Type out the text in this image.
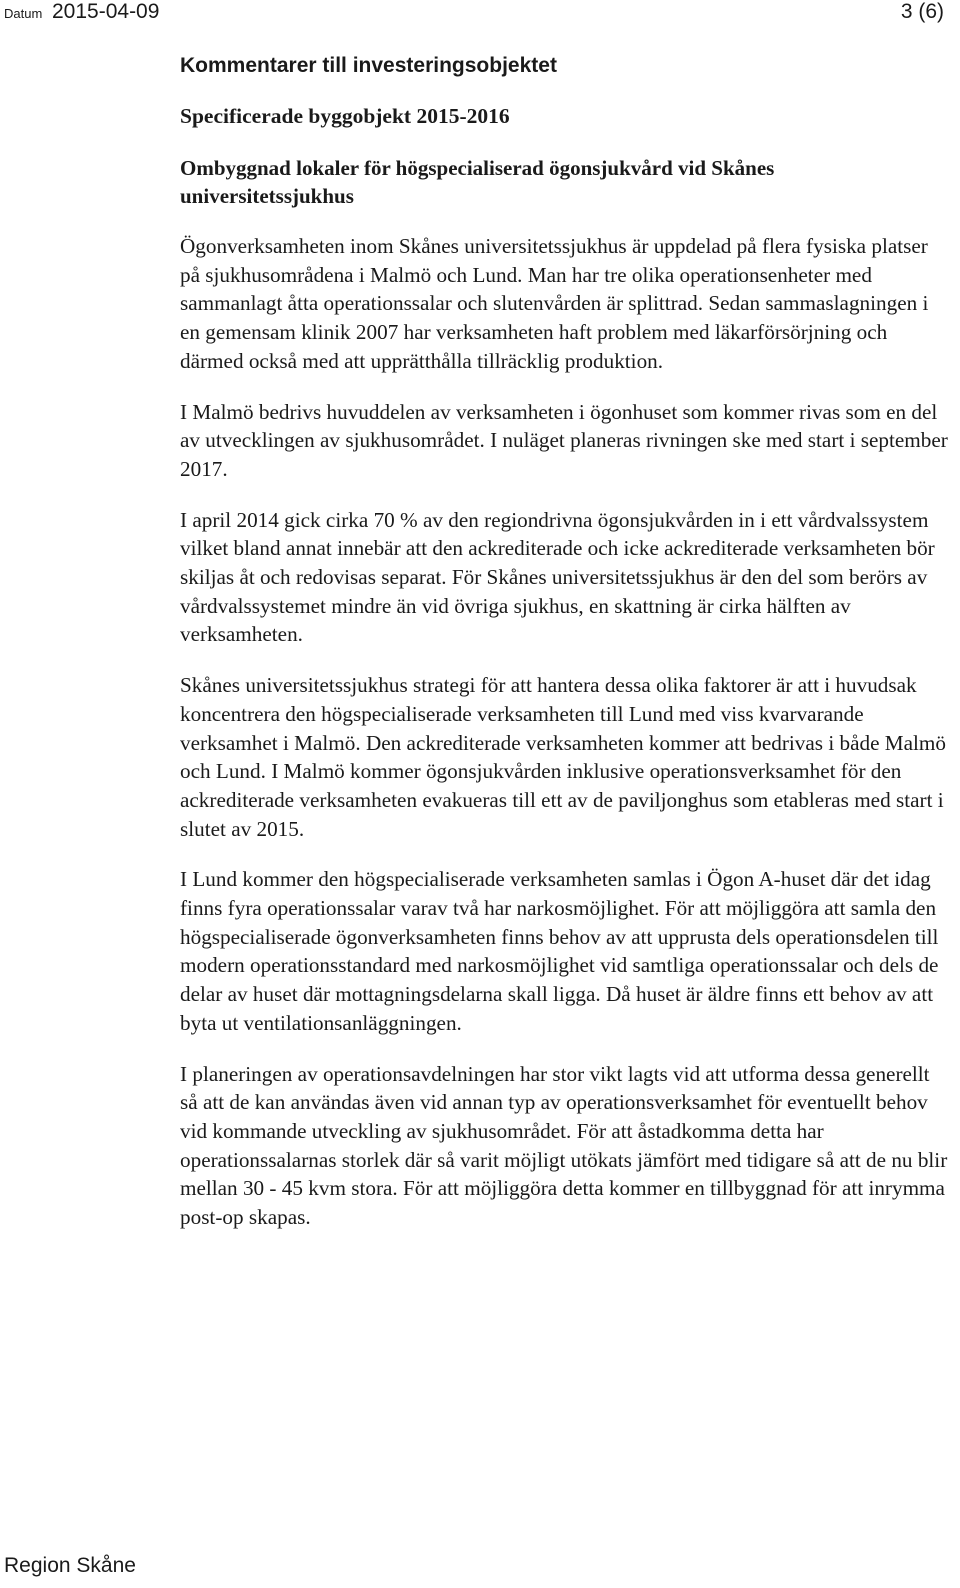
Datum 2015-04-09	3 (6)
Kommentarer till investeringsobjektet
Specificerade byggobjekt 2015-2016
Ombyggnad lokaler för högspecialiserad ögonsjukvård vid Skånes universitetssjukhus

Ögonverksamheten inom Skånes universitetssjukhus är uppdelad på flera fysiska platser på sjukhusområdena i Malmö och Lund. Man har tre olika operationsenheter med sammanlagt åtta operationssalar och slutenvården är splittrad. Sedan sammaslagningen i en gemensam klinik 2007 har verksamheten haft problem med läkarförsörjning och därmed också med att upprätthålla tillräcklig produktion.

I Malmö bedrivs huvuddelen av verksamheten i ögonhuset som kommer rivas som en del av utvecklingen av sjukhusområdet. I nuläget planeras rivningen ske med start i september 2017.

I april 2014 gick cirka 70 % av den regiondrivna ögonsjukvården in i ett vårdvalssystem vilket bland annat innebär att den ackrediterade och icke ackrediterade verksamheten bör skiljas åt och redovisas separat. För Skånes universitetssjukhus är den del som berörs av vårdvalssystemet mindre än vid övriga sjukhus, en skattning är cirka hälften av verksamheten.

Skånes universitetssjukhus strategi för att hantera dessa olika faktorer är att i huvudsak koncentrera den högspecialiserade verksamheten till Lund med viss kvarvarande verksamhet i Malmö. Den ackrediterade verksamheten kommer att bedrivas i både Malmö och Lund. I Malmö kommer ögonsjukvården inklusive operationsverksamhet för den ackrediterade verksamheten evakueras till ett av de paviljonghus som etableras med start i slutet av 2015.

I Lund kommer den högspecialiserade verksamheten samlas i Ögon A-huset där det idag finns fyra operationssalar varav två har narkosmöjlighet. För att möjliggöra att samla den högspecialiserade ögonverksamheten finns behov av att upprusta dels operationsdelen till modern operationsstandard med narkosmöjlighet vid samtliga operationssalar och dels de delar av huset där mottagningsdelarna skall ligga. Då huset är äldre finns ett behov av att byta ut ventilationsanläggningen.

I planeringen av operationsavdelningen har stor vikt lagts vid att utforma dessa generellt så att de kan användas även vid annan typ av operationsverksamhet för eventuellt behov vid kommande utveckling av sjukhusområdet. För att åstadkomma detta har operationssalarnas storlek där så varit möjligt utökats jämfört med tidigare så att de nu blir mellan 30 - 45 kvm stora. För att möjliggöra detta kommer en tillbyggnad för att inrymma post-op skapas.

Region Skåne
